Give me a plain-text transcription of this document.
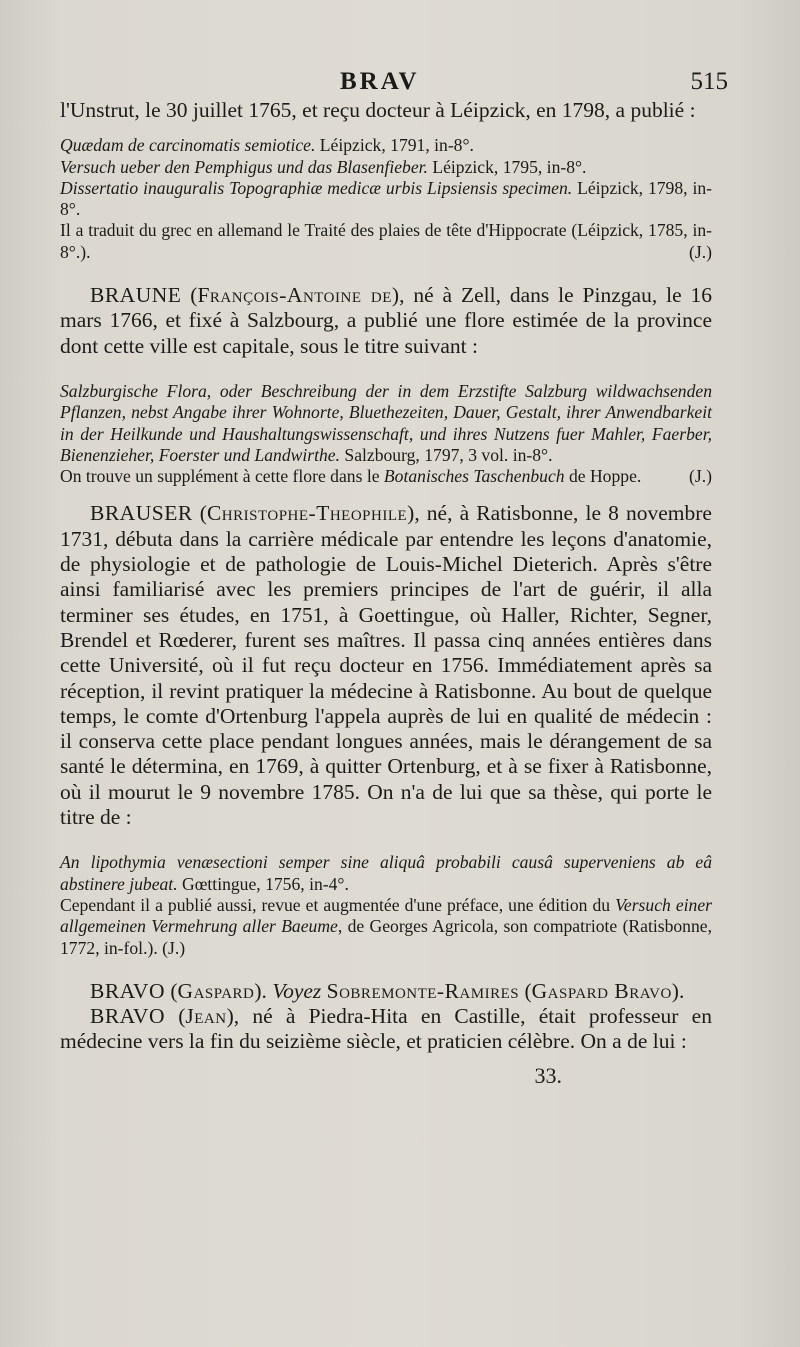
BRAV	515

l'Unstrut, le 30 juillet 1765, et reçu docteur à Léipzick, en 1798, a publié :

Quædam de carcinomatis semiotice. Léipzick, 1791, in-8°.

Versuch ueber den Pemphigus und das Blasenfieber. Léipzick, 1795, in-8°.

Dissertatio inauguralis Topographiæ medicæ urbis Lipsiensis specimen. Léipzick, 1798, in-8°.

Il a traduit du grec en allemand le Traité des plaies de tête d'Hippocrate (Léipzick, 1785, in-8°.).	(J.)

BRAUNE (François-Antoine de), né à Zell, dans le Pinzgau, le 16 mars 1766, et fixé à Salzbourg, a publié une flore estimée de la province dont cette ville est capitale, sous le titre suivant :

Salzburgische Flora, oder Beschreibung der in dem Erzstifte Salzburg wildwachsenden Pflanzen, nebst Angabe ihrer Wohnorte, Bluethezeiten, Dauer, Gestalt, ihrer Anwendbarkeit in der Heilkunde und Haushaltungswissenschaft, und ihres Nutzens fuer Mahler, Faerber, Bienenzieher, Foerster und Landwirthe. Salzbourg, 1797, 3 vol. in-8°.

On trouve un supplément à cette flore dans le Botanisches Taschenbuch de Hoppe.	(J.)

BRAUSER (Christophe-Theophile), né, à Ratisbonne, le 8 novembre 1731, débuta dans la carrière médicale par entendre les leçons d'anatomie, de physiologie et de pathologie de Louis-Michel Dieterich. Après s'être ainsi familiarisé avec les premiers principes de l'art de guérir, il alla terminer ses études, en 1751, à Goettingue, où Haller, Richter, Segner, Brendel et Rœderer, furent ses maîtres. Il passa cinq années entières dans cette Université, où il fut reçu docteur en 1756. Immédiatement après sa réception, il revint pratiquer la médecine à Ratisbonne. Au bout de quelque temps, le comte d'Ortenburg l'appela auprès de lui en qualité de médecin : il conserva cette place pendant longues années, mais le dérangement de sa santé le détermina, en 1769, à quitter Ortenburg, et à se fixer à Ratisbonne, où il mourut le 9 novembre 1785. On n'a de lui que sa thèse, qui porte le titre de :

An lipothymia venæsectioni semper sine aliquâ probabili causâ superveniens ab eâ abstinere jubeat. Gœttingue, 1756, in-4°.

Cependant il a publié aussi, revue et augmentée d'une préface, une édition du Versuch einer allgemeinen Vermehrung aller Baeume, de Georges Agricola, son compatriote (Ratisbonne, 1772, in-fol.). (J.)

BRAVO (Gaspard). Voyez Sobremonte-Ramires (Gaspard Bravo).

BRAVO (Jean), né à Piedra-Hita en Castille, était professeur en médecine vers la fin du seizième siècle, et praticien célèbre. On a de lui :

33.
